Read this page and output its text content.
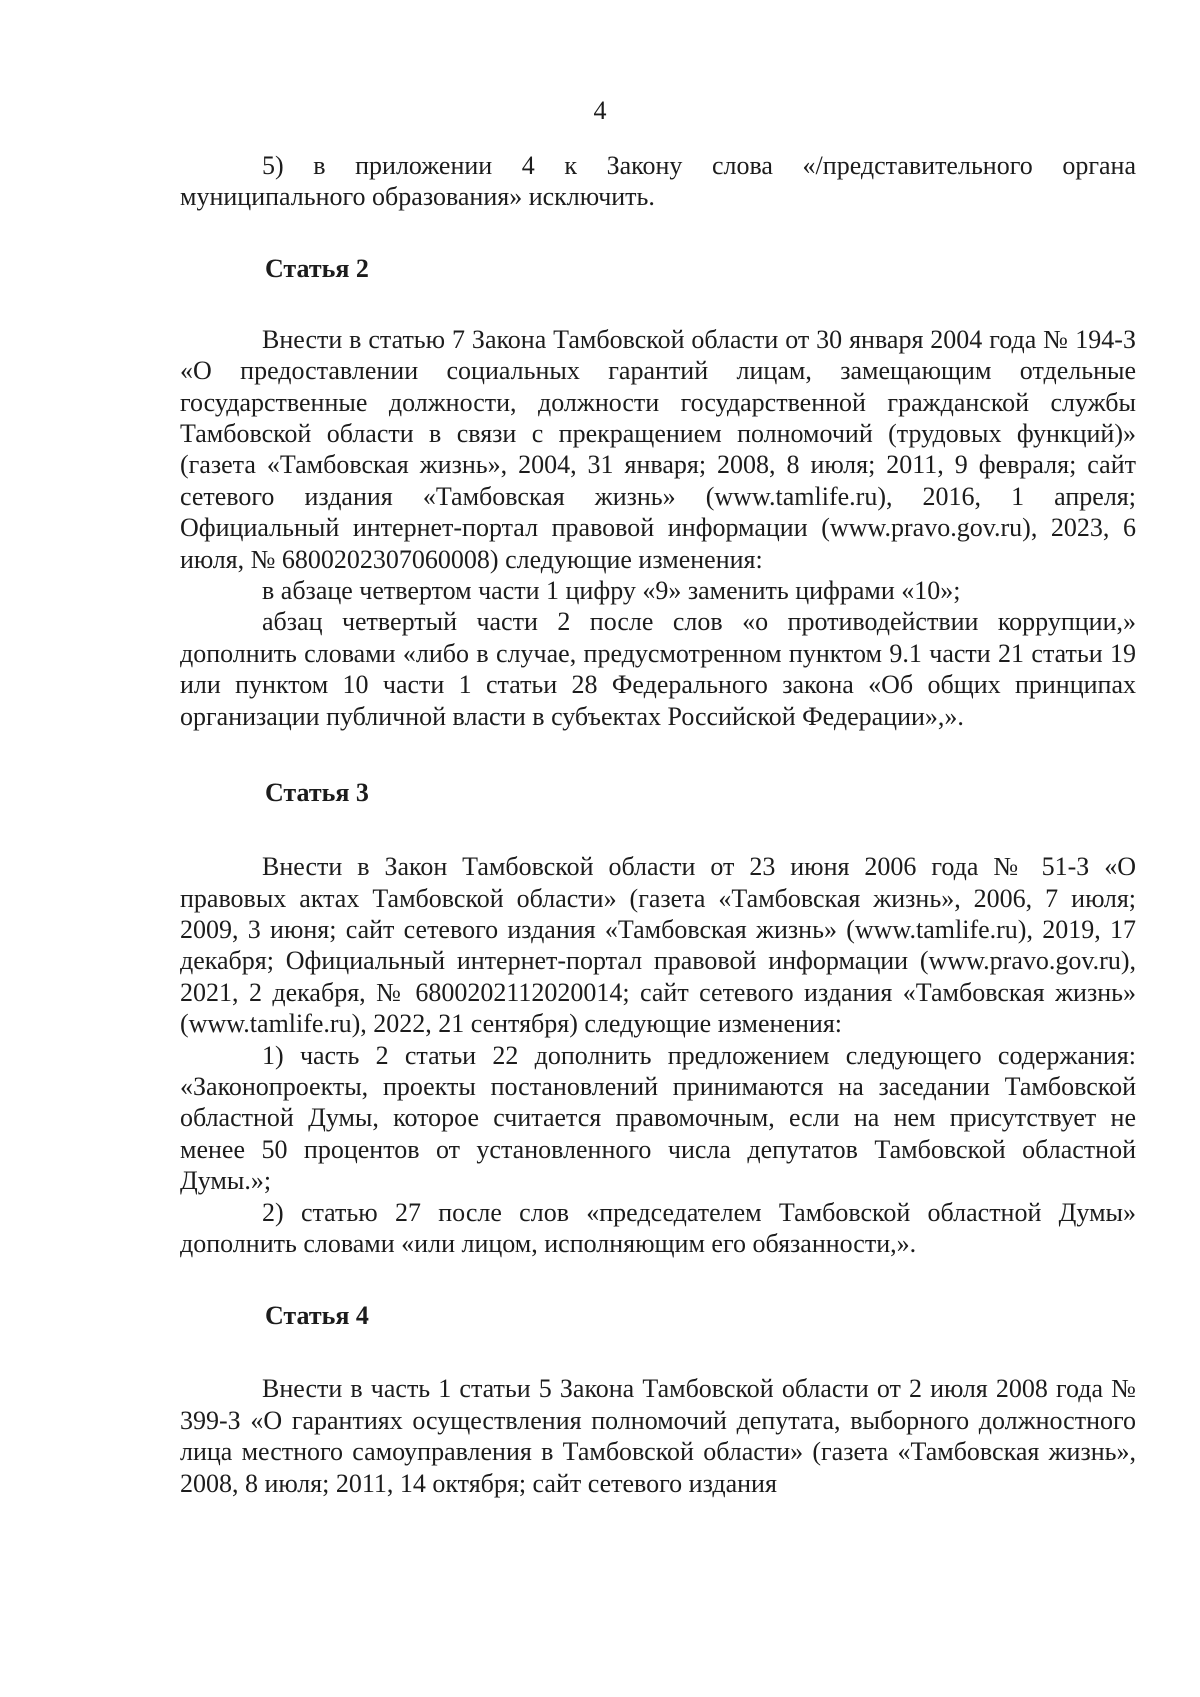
4

5) в приложении 4 к Закону слова «/представительного органа муниципального образования» исключить.

Статья 2

Внести в статью 7 Закона Тамбовской области от 30 января 2004 года № 194-З «О предоставлении социальных гарантий лицам, замещающим отдельные государственные должности, должности государственной гражданской службы Тамбовской области в связи с прекращением полномочий (трудовых функций)» (газета «Тамбовская жизнь», 2004, 31 января; 2008, 8 июля; 2011, 9 февраля; сайт сетевого издания «Тамбовская жизнь» (www.tamlife.ru), 2016, 1 апреля; Официальный интернет-портал правовой информации (www.pravo.gov.ru), 2023, 6 июля, № 6800202307060008) следующие изменения:

в абзаце четвертом части 1 цифру «9» заменить цифрами «10»;

абзац четвертый части 2 после слов «о противодействии коррупции,» дополнить словами «либо в случае, предусмотренном пунктом 9.1 части 21 статьи 19 или пунктом 10 части 1 статьи 28 Федерального закона «Об общих принципах организации публичной власти в субъектах Российской Федерации»,».

Статья 3

Внести в Закон Тамбовской области от 23 июня 2006 года № 51-З «О правовых актах Тамбовской области» (газета «Тамбовская жизнь», 2006, 7 июля; 2009, 3 июня; сайт сетевого издания «Тамбовская жизнь» (www.tamlife.ru), 2019, 17 декабря; Официальный интернет-портал правовой информации (www.pravo.gov.ru), 2021, 2 декабря, № 6800202112020014; сайт сетевого издания «Тамбовская жизнь» (www.tamlife.ru), 2022, 21 сентября) следующие изменения:

1) часть 2 статьи 22 дополнить предложением следующего содержания: «Законопроекты, проекты постановлений принимаются на заседании Тамбовской областной Думы, которое считается правомочным, если на нем присутствует не менее 50 процентов от установленного числа депутатов Тамбовской областной Думы.»;

2) статью 27 после слов «председателем Тамбовской областной Думы» дополнить словами «или лицом, исполняющим его обязанности,».

Статья 4

Внести в часть 1 статьи 5 Закона Тамбовской области от 2 июля 2008 года № 399-З «О гарантиях осуществления полномочий депутата, выборного должностного лица местного самоуправления в Тамбовской области» (газета «Тамбовская жизнь», 2008, 8 июля; 2011, 14 октября; сайт сетевого издания
